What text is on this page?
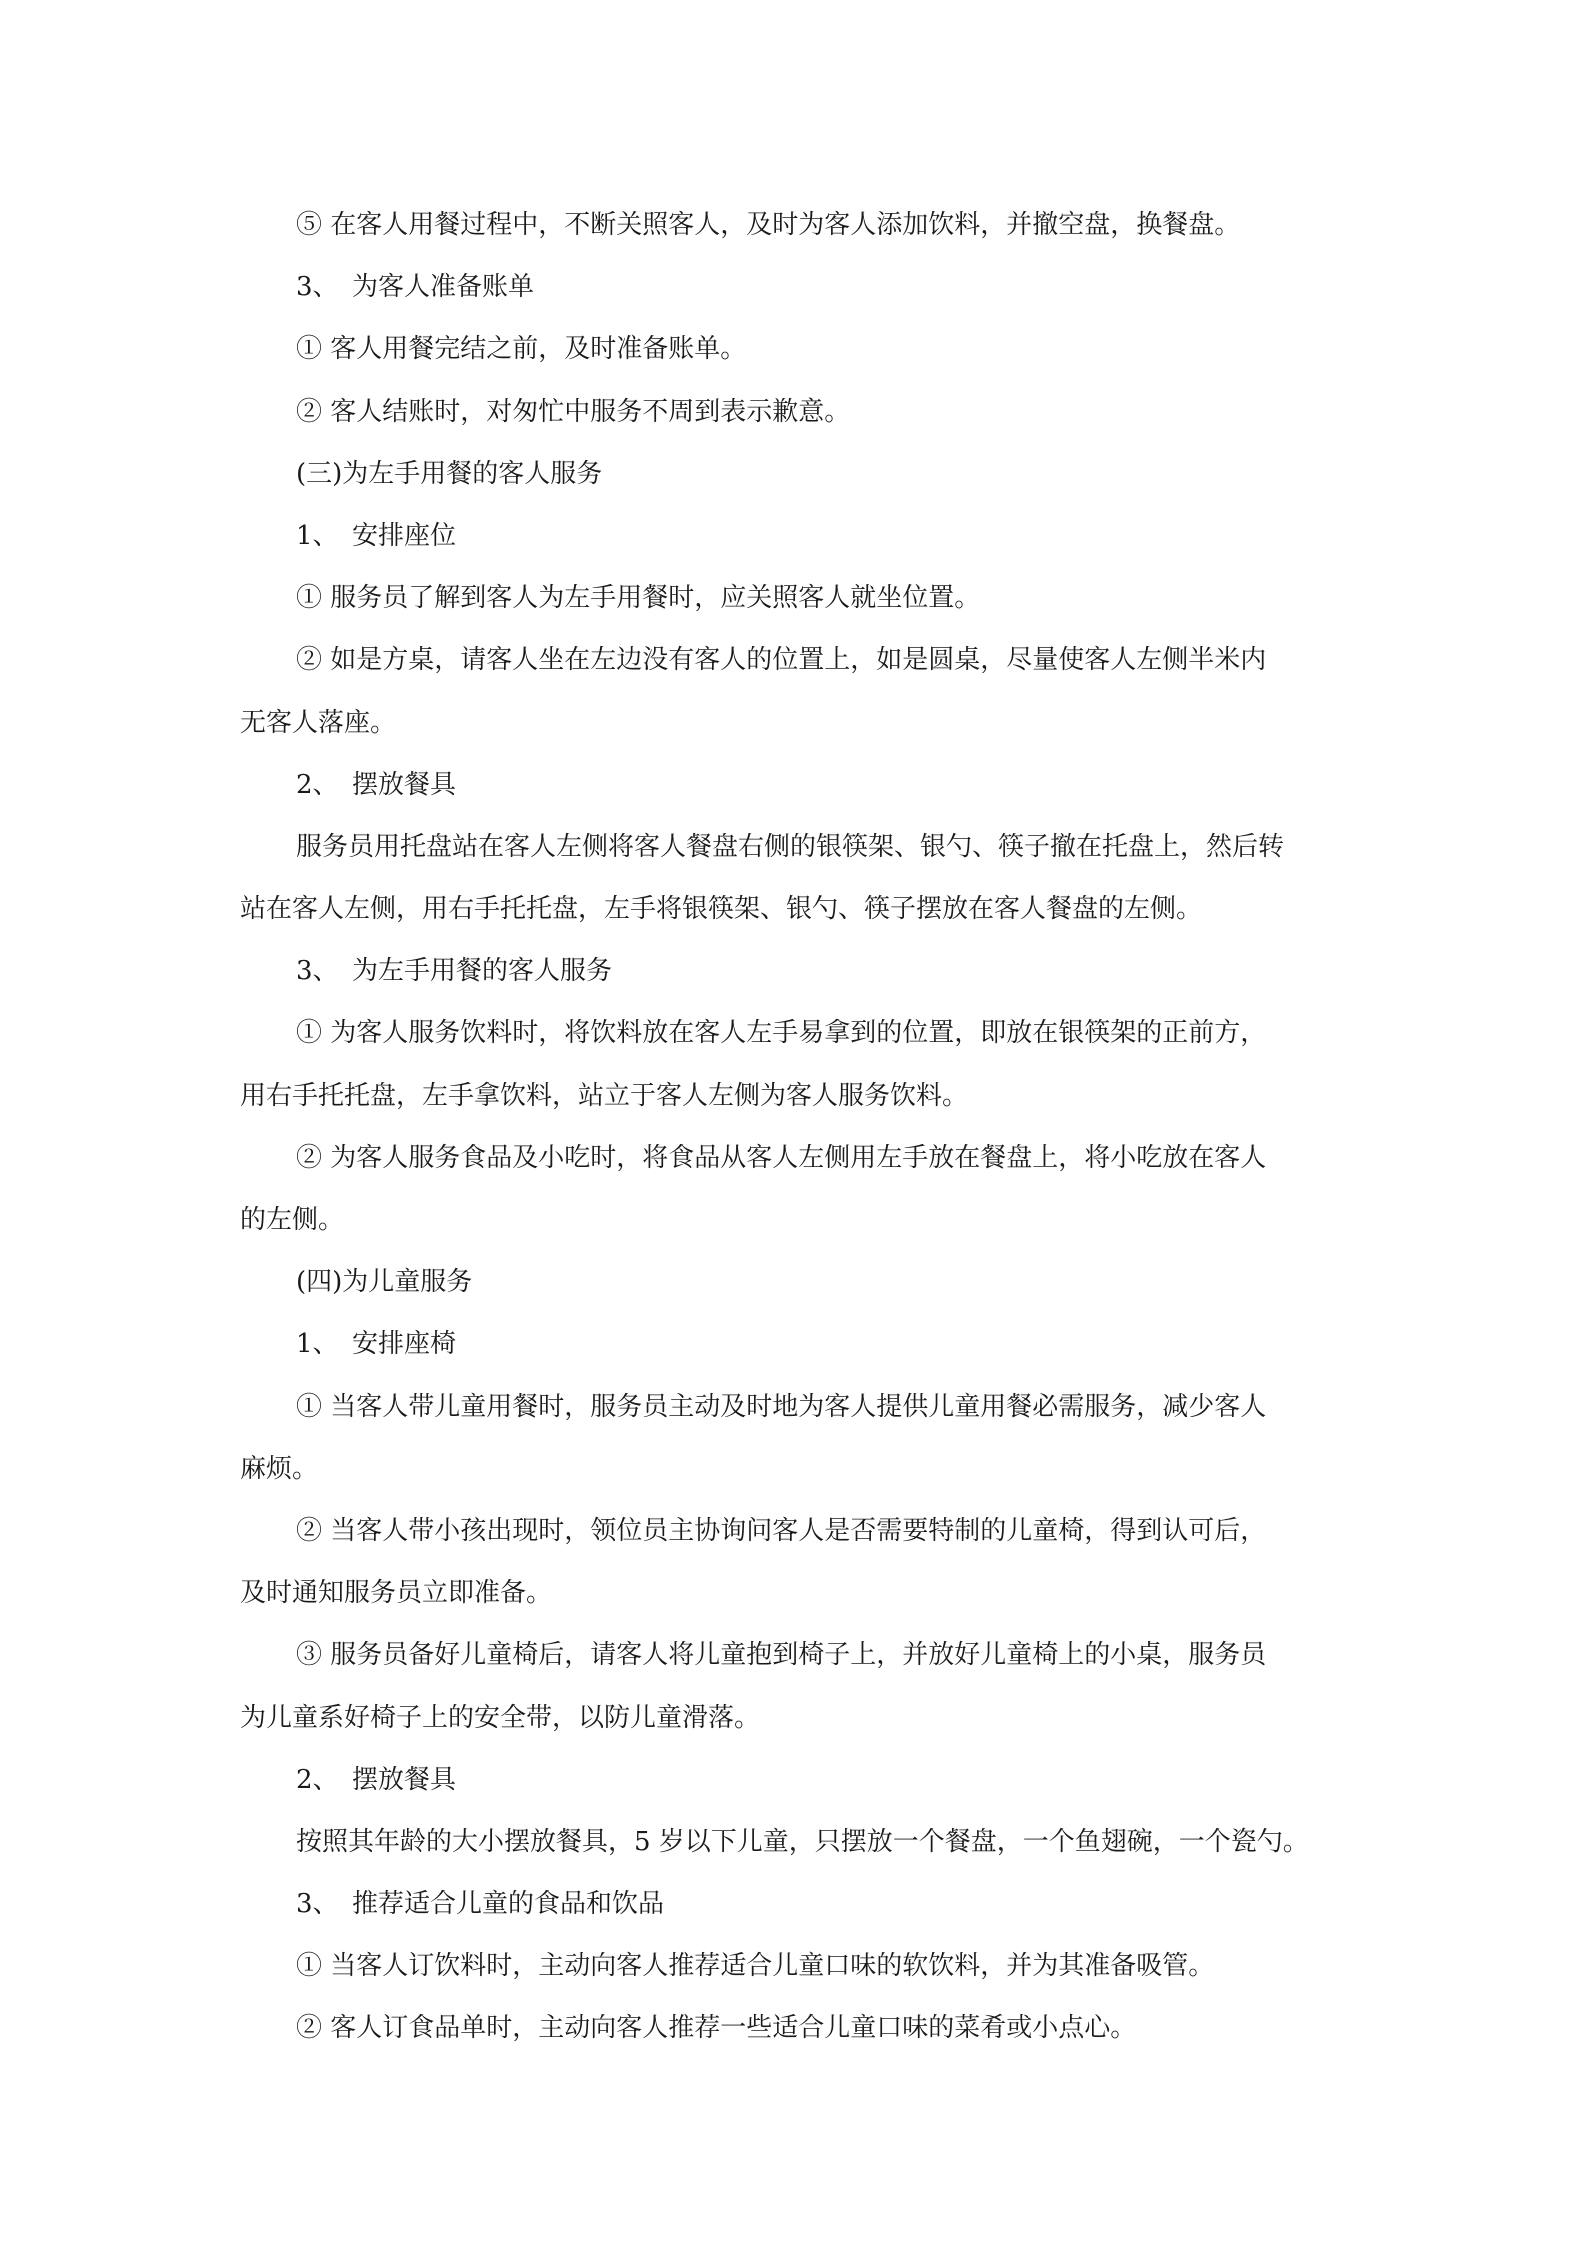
⑤ 在客人用餐过程中，不断关照客人，及时为客人添加饮料，并撤空盘，换餐盘。
3、 为客人准备账单
① 客人用餐完结之前，及时准备账单。
② 客人结账时，对匆忙中服务不周到表示歉意。
(三)为左手用餐的客人服务
1、 安排座位
① 服务员了解到客人为左手用餐时，应关照客人就坐位置。
② 如是方桌，请客人坐在左边没有客人的位置上，如是圆桌，尽量使客人左侧半米内
无客人落座。
2、 摆放餐具
服务员用托盘站在客人左侧将客人餐盘右侧的银筷架、银勺、筷子撤在托盘上，然后转
站在客人左侧，用右手托托盘，左手将银筷架、银勺、筷子摆放在客人餐盘的左侧。
3、 为左手用餐的客人服务
① 为客人服务饮料时，将饮料放在客人左手易拿到的位置，即放在银筷架的正前方，
用右手托托盘，左手拿饮料，站立于客人左侧为客人服务饮料。
② 为客人服务食品及小吃时，将食品从客人左侧用左手放在餐盘上，将小吃放在客人
的左侧。
(四)为儿童服务
1、 安排座椅
① 当客人带儿童用餐时，服务员主动及时地为客人提供儿童用餐必需服务，减少客人
麻烦。
② 当客人带小孩出现时，领位员主协询问客人是否需要特制的儿童椅，得到认可后，
及时通知服务员立即准备。
③ 服务员备好儿童椅后，请客人将儿童抱到椅子上，并放好儿童椅上的小桌，服务员
为儿童系好椅子上的安全带，以防儿童滑落。
2、 摆放餐具
按照其年龄的大小摆放餐具，5 岁以下儿童，只摆放一个餐盘，一个鱼翅碗，一个瓷勺。
3、 推荐适合儿童的食品和饮品
① 当客人订饮料时，主动向客人推荐适合儿童口味的软饮料，并为其准备吸管。
② 客人订食品单时，主动向客人推荐一些适合儿童口味的菜肴或小点心。
